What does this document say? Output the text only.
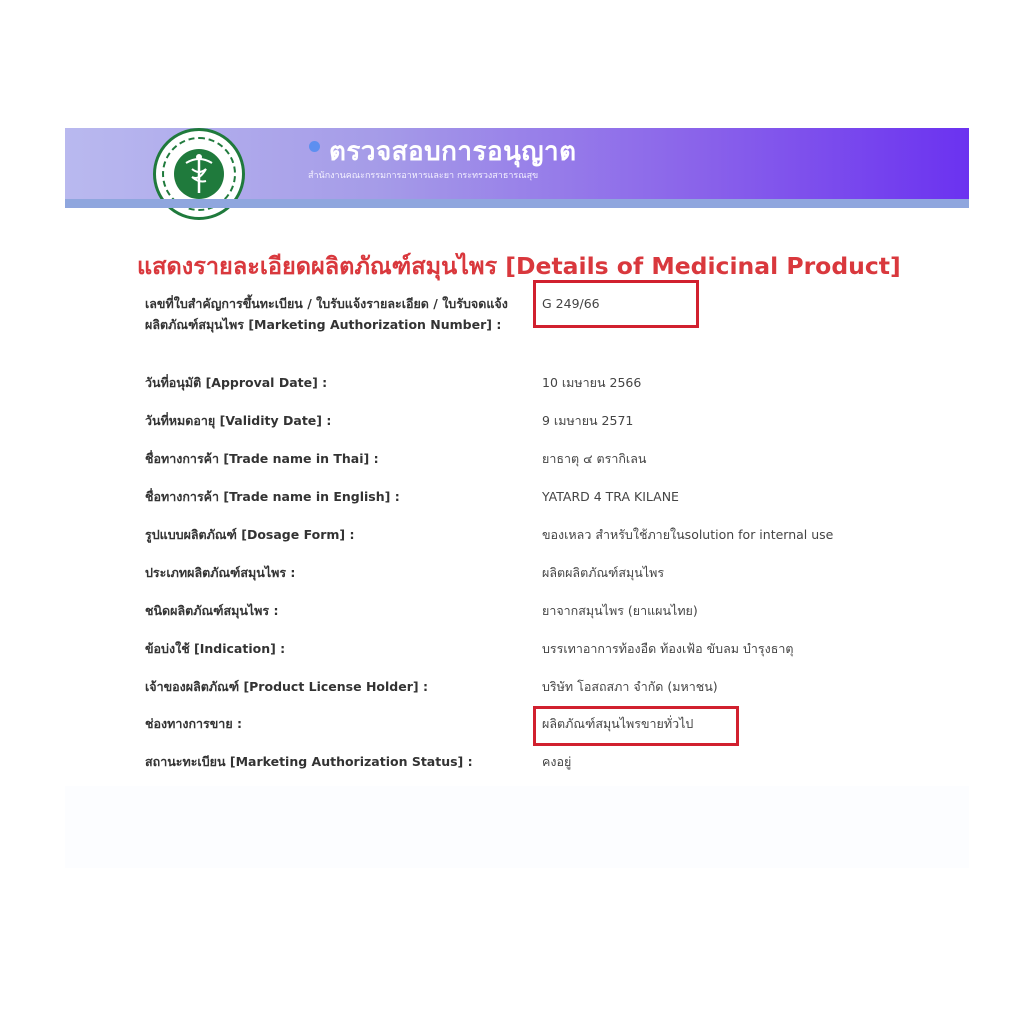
ตรวจสอบการอนุญาต
สำนักงานคณะกรรมการอาหารและยา กระทรวงสาธารณสุข
แสดงรายละเอียดผลิตภัณฑ์สมุนไพร [Details of Medicinal Product]
เลขที่ใบสำคัญการขึ้นทะเบียน / ใบรับแจ้งรายละเอียด / ใบรับจดแจ้ง ผลิตภัณฑ์สมุนไพร [Marketing Authorization Number] :
G 249/66
วันที่อนุมัติ [Approval Date] :	10 เมษายน 2566
วันที่หมดอายุ [Validity Date] :	9 เมษายน 2571
ชื่อทางการค้า [Trade name in Thai] :	ยาธาตุ ๔ ตรากิเลน
ชื่อทางการค้า [Trade name in English] :	YATARD 4 TRA KILANE
รูปแบบผลิตภัณฑ์ [Dosage Form] :	ของเหลว สำหรับใช้ภายในsolution for internal use
ประเภทผลิตภัณฑ์สมุนไพร :	ผลิตผลิตภัณฑ์สมุนไพร
ชนิดผลิตภัณฑ์สมุนไพร :	ยาจากสมุนไพร (ยาแผนไทย)
ข้อบ่งใช้ [Indication] :	บรรเทาอาการท้องอืด ท้องเฟ้อ ขับลม บำรุงธาตุ
เจ้าของผลิตภัณฑ์ [Product License Holder] :	บริษัท โอสถสภา จำกัด (มหาชน)
ช่องทางการขาย :	ผลิตภัณฑ์สมุนไพรขายทั่วไป
สถานะทะเบียน [Marketing Authorization Status] :	คงอยู่
